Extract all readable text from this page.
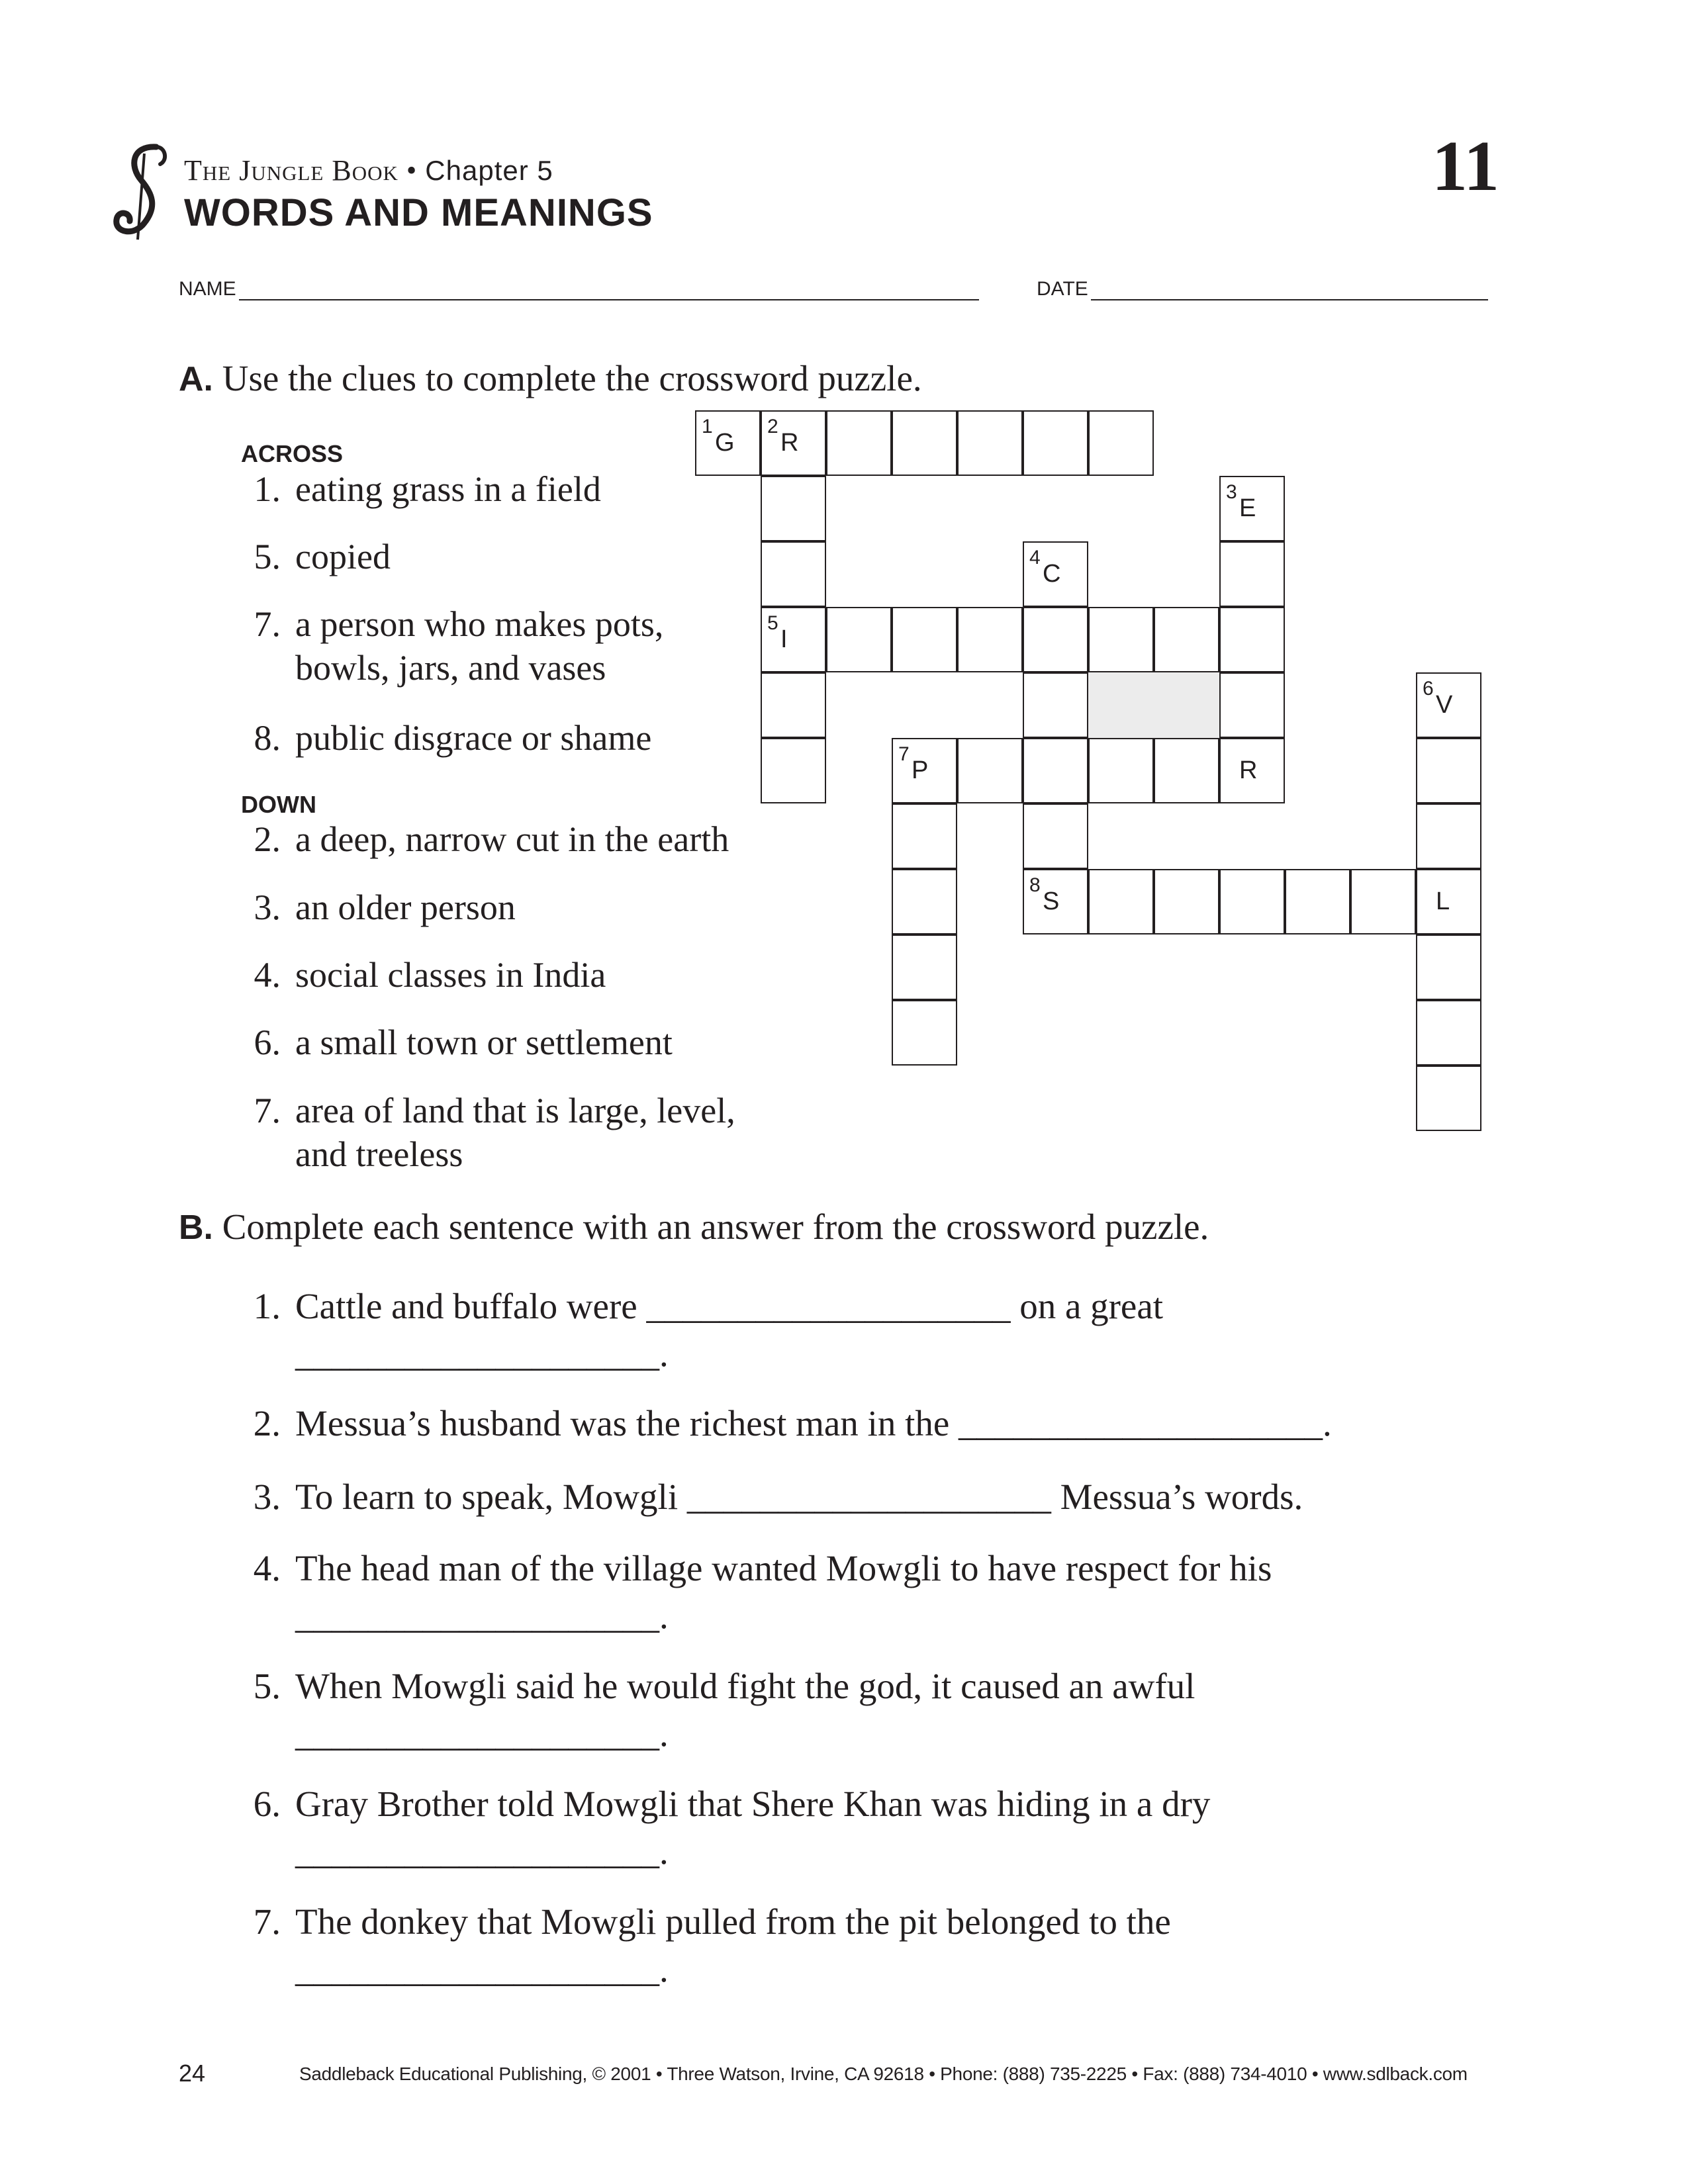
The Jungle Book • Chapter 5
WORDS AND MEANINGS
11
NAME	DATE
A. Use the clues to complete the crossword puzzle.
ACROSS
1. eating grass in a field
5. copied
7. a person who makes pots,
bowls, jars, and vases
8. public disgrace or shame
DOWN
2. a deep, narrow cut in the earth
3. an older person
4. social classes in India
6. a small town or settlement
7. area of land that is large, level,
and treeless
1
G
2
R
3
E
4
C
5
I
6
V
7
P	R
8
S	L
B. Complete each sentence with an answer from the crossword puzzle.
1. Cattle and buffalo were ____________________ on a great
____________________.
2. Messua’s husband was the richest man in the ____________________.
3. To learn to speak, Mowgli ____________________ Messua’s words.
4. The head man of the village wanted Mowgli to have respect for his
____________________.
5. When Mowgli said he would fight the god, it caused an awful
____________________.
6. Gray Brother told Mowgli that Shere Khan was hiding in a dry
____________________.
7. The donkey that Mowgli pulled from the pit belonged to the
____________________.
24	Saddleback Educational Publishing, © 2001 • Three Watson, Irvine, CA 92618 • Phone: (888) 735-2225 • Fax: (888) 734-4010 • www.sdlback.com
